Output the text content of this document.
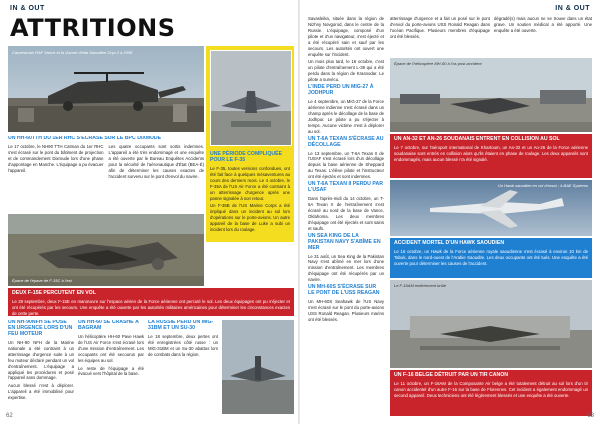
IN & OUT
ATTRITIONS
Cameraman RAF Vance et la Garnet d'état Saoudien Oryx 2 à 2008
UNE PÉRIODE COMPLIQUÉE POUR LE F-35

Le F-35, toutes versions confondues, ont été fait face à quelques mésaventures au cours des derniers mois. Le 4 octobre, le F-35A de l'US Air Force a été contraint à un atterrissage d'urgence après une panne signalée à son retour.

Un F-35B de l'US Marine Corps a été impliqué dans un incident au sol lors d'opérations sur le porte-avions. Un autre appareil de la base de Luke a subi un incident lors du roulage.

UN HH-60TTH DU 1ER RHC S'ÉCRASE SUR LE BPC DIXMUDE

Le 17 octobre, le NH90 TTH Caïman du 1er RHC s'est écrasé sur le pont du bâtiment de projection et de commandement Dixmude lors d'une phase d'appontage en Manche. L'équipage a pu évacuer l'appareil.

Les quatre occupants sont sortis indemnes. L'appareil a été très endommagé et une enquête a été ouverte par le Bureau Enquêtes Accidents pour la sécurité de l'aéronautique d'État (BEA-É) afin de déterminer les causes exactes de l'accident survenu sur le pont d'envol du navire.

Épave de l'épave de F-15C à l'est
DEUX F-15E PERCUTENT EN VOL

Le 28 septembre, deux F-15E en manœuvre sur l'espace aérien de la Force aérienne ont percuté le sol. Les deux équipages ont pu s'éjecter et ont été récupérés par les secours. Une enquête a été ouverte par les autorités militaires américaines pour déterminer les circonstances exactes de cette perte.

UN NH-90NFH SE POSE EN URGENCE LORS D'UN FEU MOTEUR

Un NH-90 NFH de la Marine nationale a été contraint à un atterrissage d'urgence suite à un feu moteur déclaré pendant un vol d'entraînement. L'équipage a appliqué les procédures et posé l'appareil sans dommage.

Aucun blessé n'est à déplorer. L'appareil a été immobilisé pour expertise.

UN HH-60 SE CRASHE À BAGRAM

Un hélicoptère HH-60 Pave Hawk de l'US Air Force s'est écrasé lors d'une mission d'entraînement. Les occupants ont été secourus par les équipes au sol.

Le reste de l'équipage a été évacué vers l'hôpital de la base.

LA RUSSIE PERD UN MIG-31BM ET UN SU-30

Le 18 septembre, deux pertes ont été enregistrées côté russe : un MiG-31BM et un Su-30 abattus lors de combats dans la région.

62
IN & OUT

Savasleika, située dans la région de Nizhny Novgorod, dans le centre de la Russie. L'équipage, composé d'un pilote et d'un navigateur, s'est éjecté et a été récupéré sain et sauf par les secours. Les autorités ont ouvert une enquête sur l'incident.

Un mois plus tard, le 16 octobre, c'est un pilote d'entraînement L-39 qui a été perdu dans la région de Krasnodar. Le pilote a survécu.

L'INDE PERD UN MIG-27 À JODHPUR

Le 4 septembre, un MiG-27 de la Force aérienne indienne s'est écrasé dans un champ après le décollage de la base de Jodhpur. Le pilote a pu s'éjecter à temps. Aucune victime n'est à déplorer au sol.

UN T-6A TEXAN S'ÉCRASE AU DÉCOLLAGE

Le 13 septembre, un T-6A Texan II de l'USAF s'est écrasé lors d'un décollage depuis la base aérienne de Sheppard au Texas. L'élève pilote et l'instructeur ont été éjectés et sont indemnes.

UN T-6A TEXAN II PERDU PAR L'USAF

Dans l'après-midi du 14 octobre, un T-6A Texan II de l'entraînement s'est écrasé au nord de la base de Vance, Oklahoma. Les deux membres d'équipage ont été éjectés et sont sains et saufs.

UN SEA KING DE LA PAKISTAN NAVY S'ABÎME EN MER

Le 31 août, un Sea King de la Pakistan Navy s'est abîmé en mer lors d'une mission d'entraînement. Les membres d'équipage ont été récupérés par un navire.

UN MH-60S S'ÉCRASE SUR LE PONT DE L'USS REAGAN

Un MH-60S Seahawk de l'US Navy s'est écrasé sur le pont du porte-avions USS Ronald Reagan. Plusieurs marins ont été blessés.

atterrissage d'urgence et a fait un posé sur le pont d'envol du porte-avions USS Ronald Reagan dans l'océan Pacifique. Plusieurs membres d'équipage ont été blessés.

dégradé(s) mais aucun ne se trouve dans un état grave. Un soutien médical a été apporté. Une enquête a été ouverte.

Épave de l'hélicoptère MH-60 à l'os post-accident
UN AN-32 ET AN-26 SOUDANAIS ENTRENT EN COLLISION AU SOL

Le 7 octobre, sur l'aéroport international de Khartoum, un An-32 et un An-26 de la Force aérienne soudanaise sont entrés en collision alors qu'ils étaient en phase de roulage. Les deux appareils sont endommagés, mais aucun blessé n'a été signalé.

Un Hawk saoudien en vol d'essai ; 4-BAE Systems
ACCIDENT MORTEL D'UN HAWK SAOUDIEN

Le 16 octobre, un Hawk de la Force aérienne royale saoudienne s'est écrasé à environ 10 km de Tabuk, dans le nord-ouest de l'Arabie Saoudite. Les deux occupants ont été tués. Une enquête a été ouverte pour déterminer les causes de l'accident.

Le F-16AM entièrement brûlé
UN F-16 BELGE DÉTRUIT PAR UN TIR CANON

Le 11 octobre, un F-16AM de la Composante Air belge a été totalement détruit au sol lors d'un tir canon accidentel d'un autre F-16 sur la base de Florennes. Cet incident a également endommagé un second appareil. Deux techniciens ont été légèrement blessés et une enquête a été ouverte.

63
